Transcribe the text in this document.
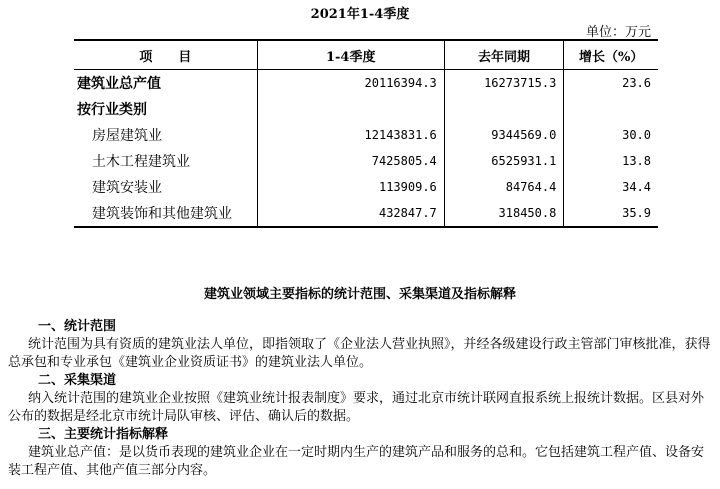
2021年1-4季度
单位：万元
项　　目	1-4季度	去年同期	增长（%）
建筑业总产值	20116394.3	16273715.3	23.6
按行业类别			
房屋建筑业	12143831.6	9344569.0	30.0
土木工程建筑业	7425805.4	6525931.1	13.8
建筑安装业	113909.6	84764.4	34.4
建筑装饰和其他建筑业	432847.7	318450.8	35.9
建筑业领域主要指标的统计范围、采集渠道及指标解释
一、统计范围
统计范围为具有资质的建筑业法人单位，即指领取了《企业法人营业执照》，并经各级建设行政主管部门审核批准，获得总承包和专业承包《建筑业企业资质证书》的建筑业法人单位。
二、采集渠道
纳入统计范围的建筑业企业按照《建筑业统计报表制度》要求，通过北京市统计联网直报系统上报统计数据。区县对外公布的数据是经北京市统计局队审核、评估、确认后的数据。
三、主要统计指标解释
建筑业总产值：是以货币表现的建筑业企业在一定时期内生产的建筑产品和服务的总和。它包括建筑工程产值、设备安装工程产值、其他产值三部分内容。
